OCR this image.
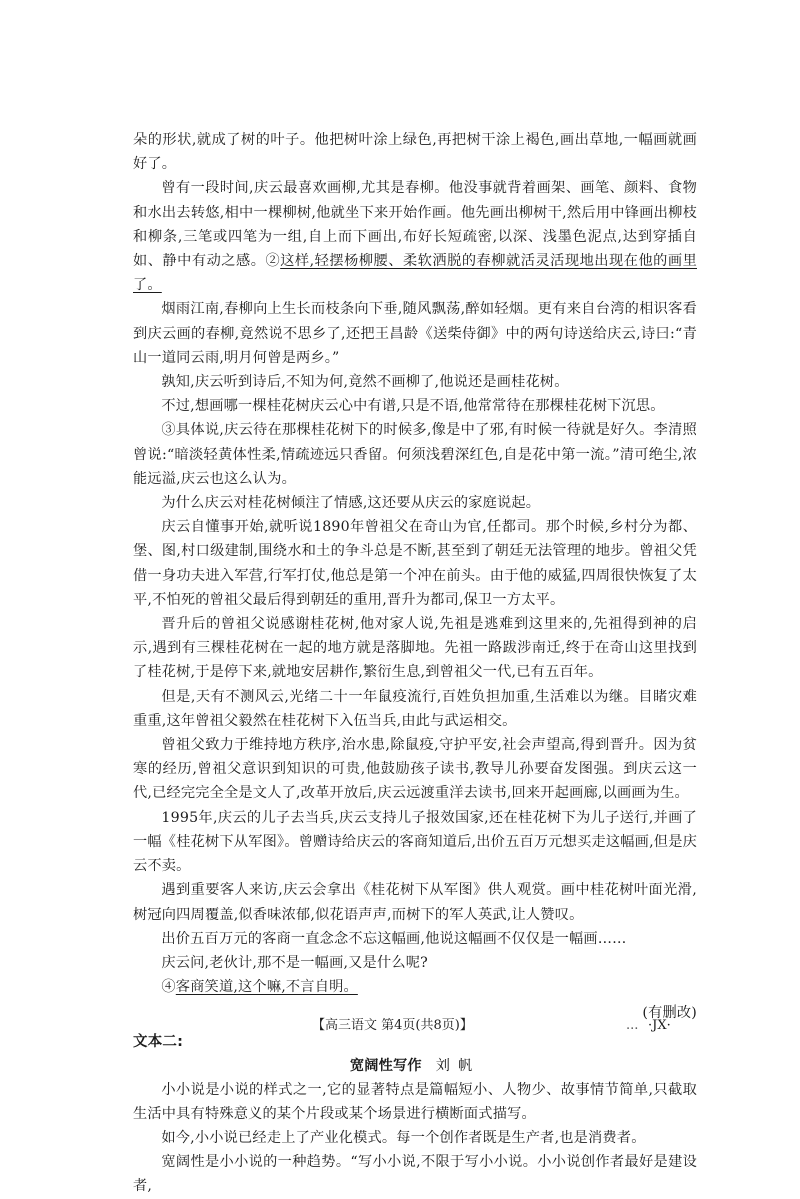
朵的形状,就成了树的叶子。他把树叶涂上绿色,再把树干涂上褐色,画出草地,一幅画就画好了。

曾有一段时间,庆云最喜欢画柳,尤其是春柳。他没事就背着画架、画笔、颜料、食物和水出去转悠,相中一棵柳树,他就坐下来开始作画。他先画出柳树干,然后用中锋画出柳枝和柳条,三笔或四笔为一组,自上而下画出,布好长短疏密,以深、浅墨色泥点,达到穿插自如、静中有动之感。②这样,轻摆杨柳腰、柔软洒脱的春柳就活灵活现地出现在他的画里了。

烟雨江南,春柳向上生长而枝条向下垂,随风飘荡,醉如轻烟。更有来自台湾的相识客看到庆云画的春柳,竟然说不思乡了,还把王昌龄《送柴侍御》中的两句诗送给庆云,诗曰:“青山一道同云雨,明月何曾是两乡。”

孰知,庆云听到诗后,不知为何,竟然不画柳了,他说还是画桂花树。

不过,想画哪一棵桂花树庆云心中有谱,只是不语,他常常待在那棵桂花树下沉思。

③具体说,庆云待在那棵桂花树下的时候多,像是中了邪,有时候一待就是好久。李清照曾说:“暗淡轻黄体性柔,情疏迹远只香留。何须浅碧深红色,自是花中第一流。”清可绝尘,浓能远溢,庆云也这么认为。

为什么庆云对桂花树倾注了情感,这还要从庆云的家庭说起。

庆云自懂事开始,就听说1890年曾祖父在奇山为官,任都司。那个时候,乡村分为都、堡、图,村口级建制,围绕水和土的争斗总是不断,甚至到了朝廷无法管理的地步。曾祖父凭借一身功夫进入军营,行军打仗,他总是第一个冲在前头。由于他的威猛,四周很快恢复了太平,不怕死的曾祖父最后得到朝廷的重用,晋升为都司,保卫一方太平。

晋升后的曾祖父说感谢桂花树,他对家人说,先祖是逃难到这里来的,先祖得到神的启示,遇到有三棵桂花树在一起的地方就是落脚地。先祖一路跋涉南迁,终于在奇山这里找到了桂花树,于是停下来,就地安居耕作,繁衍生息,到曾祖父一代,已有五百年。

但是,天有不测风云,光绪二十一年鼠疫流行,百姓负担加重,生活难以为继。目睹灾难重重,这年曾祖父毅然在桂花树下入伍当兵,由此与武运相交。

曾祖父致力于维持地方秩序,治水患,除鼠疫,守护平安,社会声望高,得到晋升。因为贫寒的经历,曾祖父意识到知识的可贵,他鼓励孩子读书,教导儿孙要奋发图强。到庆云这一代,已经完完全全是文人了,改革开放后,庆云远渡重洋去读书,回来开起画廊,以画画为生。

1995年,庆云的儿子去当兵,庆云支持儿子报效国家,还在桂花树下为儿子送行,并画了一幅《桂花树下从军图》。曾赠诗给庆云的客商知道后,出价五百万元想买走这幅画,但是庆云不卖。

遇到重要客人来访,庆云会拿出《桂花树下从军图》供人观赏。画中桂花树叶面光滑,树冠向四周覆盖,似香味浓郁,似花语声声,而树下的军人英武,让人赞叹。

出价五百万元的客商一直念念不忘这幅画,他说这幅画不仅仅是一幅画……

庆云问,老伙计,那不是一幅画,又是什么呢?

④客商笑道,这个嘛,不言自明。

(有删改)

文本二:

宽阔性写作 刘帆

小小说是小说的样式之一,它的显著特点是篇幅短小、人物少、故事情节简单,只截取生活中具有特殊意义的某个片段或某个场景进行横断面式描写。

如今,小小说已经走上了产业化模式。每一个创作者既是生产者,也是消费者。

宽阔性是小小说的一种趋势。“写小小说,不限于写小小说。小小说创作者最好是建设者,

【高三语文 第4页(共8页)】	... ·JX·
